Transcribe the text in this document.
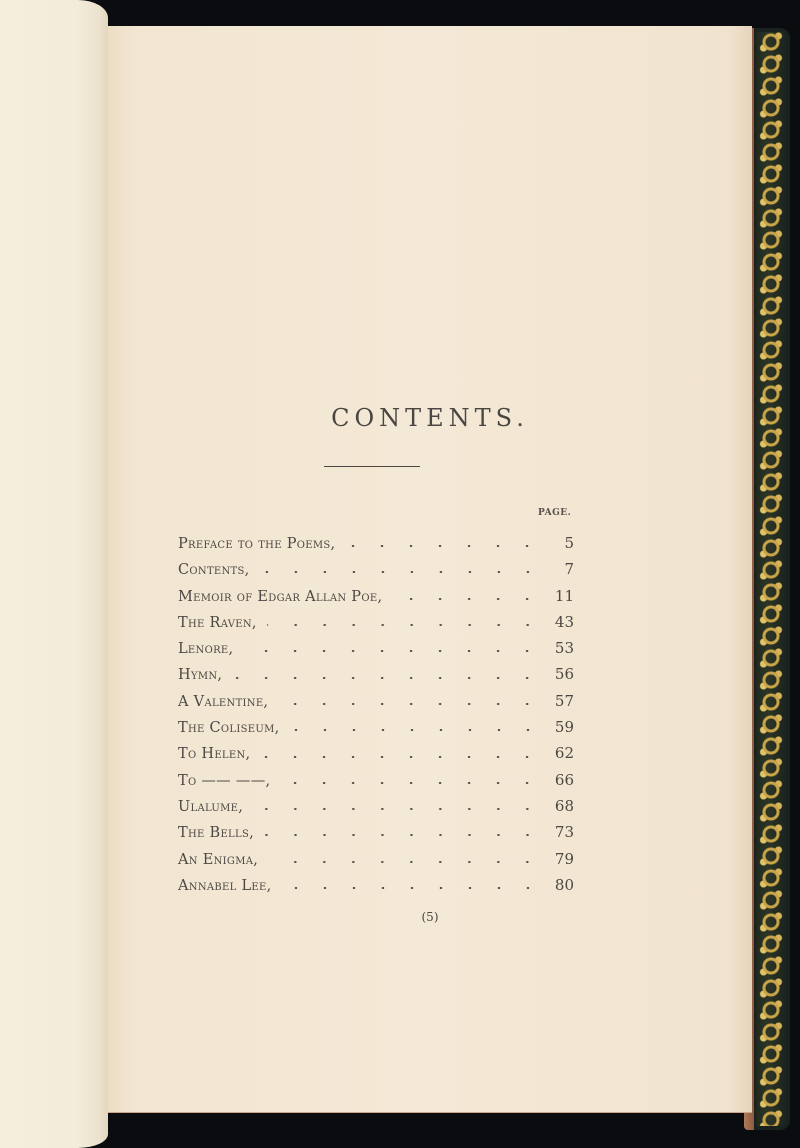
CONTENTS.
PAGE.
Preface to the Poems,	5
Contents,	7
Memoir of Edgar Allan Poe,	11
The Raven,	43
Lenore,	53
Hymn,	56
A Valentine,	57
The Coliseum,	59
To Helen,	62
To —— ——,	66
Ulalume,	68
The Bells,	73
An Enigma,	79
Annabel Lee,	80
(5)
